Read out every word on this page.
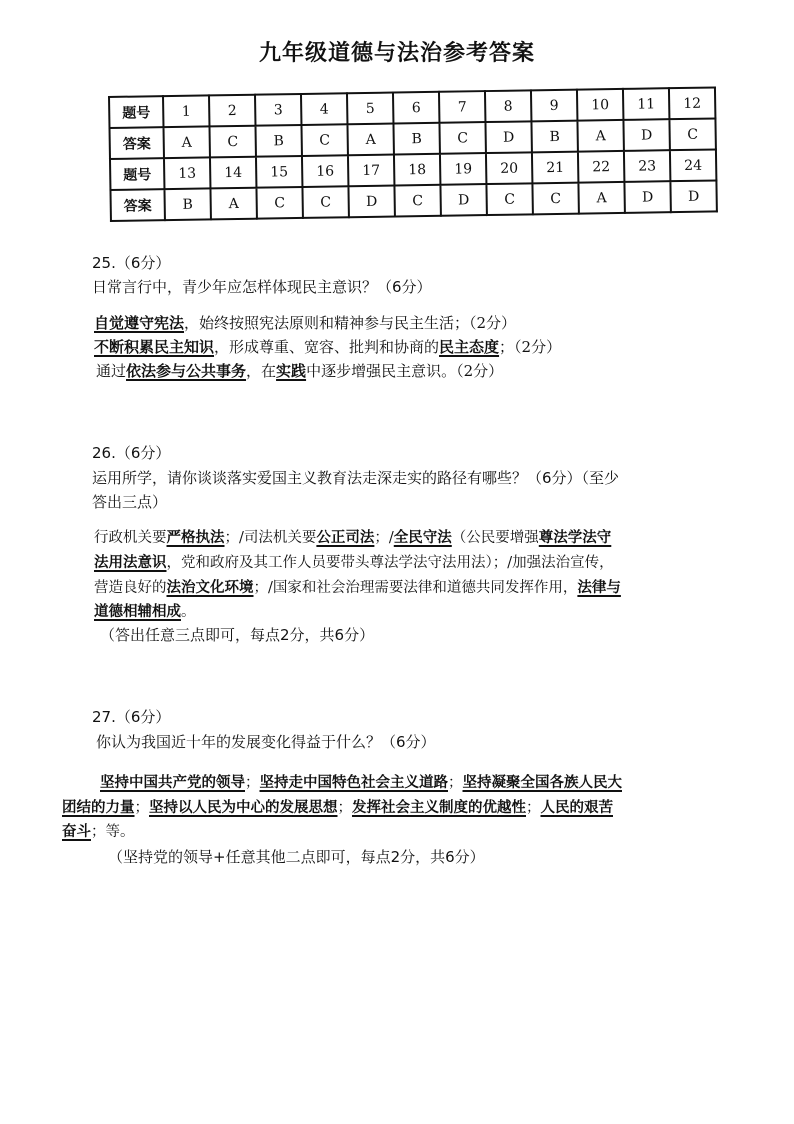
九年级道德与法治参考答案
题号	1	2	3	4	5	6	7	8	9	10	11	12
答案	A	C	B	C	A	B	C	D	B	A	D	C
题号	13	14	15	16	17	18	19	20	21	22	23	24
答案	B	A	C	C	D	C	D	C	C	A	D	D
25.（6分）
日常言行中，青少年应怎样体现民主意识？（6分）
自觉遵守宪法，始终按照宪法原则和精神参与民主生活；（2分）
不断积累民主知识，形成尊重、宽容、批判和协商的民主态度；（2分）
通过依法参与公共事务，在实践中逐步增强民主意识。（2分）
26.（6分）
运用所学，请你谈谈落实爱国主义教育法走深走实的路径有哪些？（6分）（至少
答出三点）
行政机关要严格执法；/司法机关要公正司法；/全民守法（公民要增强尊法学法守
法用法意识，党和政府及其工作人员要带头尊法学法守法用法）；/加强法治宣传，
营造良好的法治文化环境；/国家和社会治理需要法律和道德共同发挥作用，法律与
道德相辅相成。
（答出任意三点即可，每点2分，共6分）
27.（6分）
你认为我国近十年的发展变化得益于什么？（6分）
坚持中国共产党的领导；坚持走中国特色社会主义道路；坚持凝聚全国各族人民大
团结的力量；坚持以人民为中心的发展思想；发挥社会主义制度的优越性；人民的艰苦
奋斗；等。
（坚持党的领导+任意其他二点即可，每点2分，共6分）
